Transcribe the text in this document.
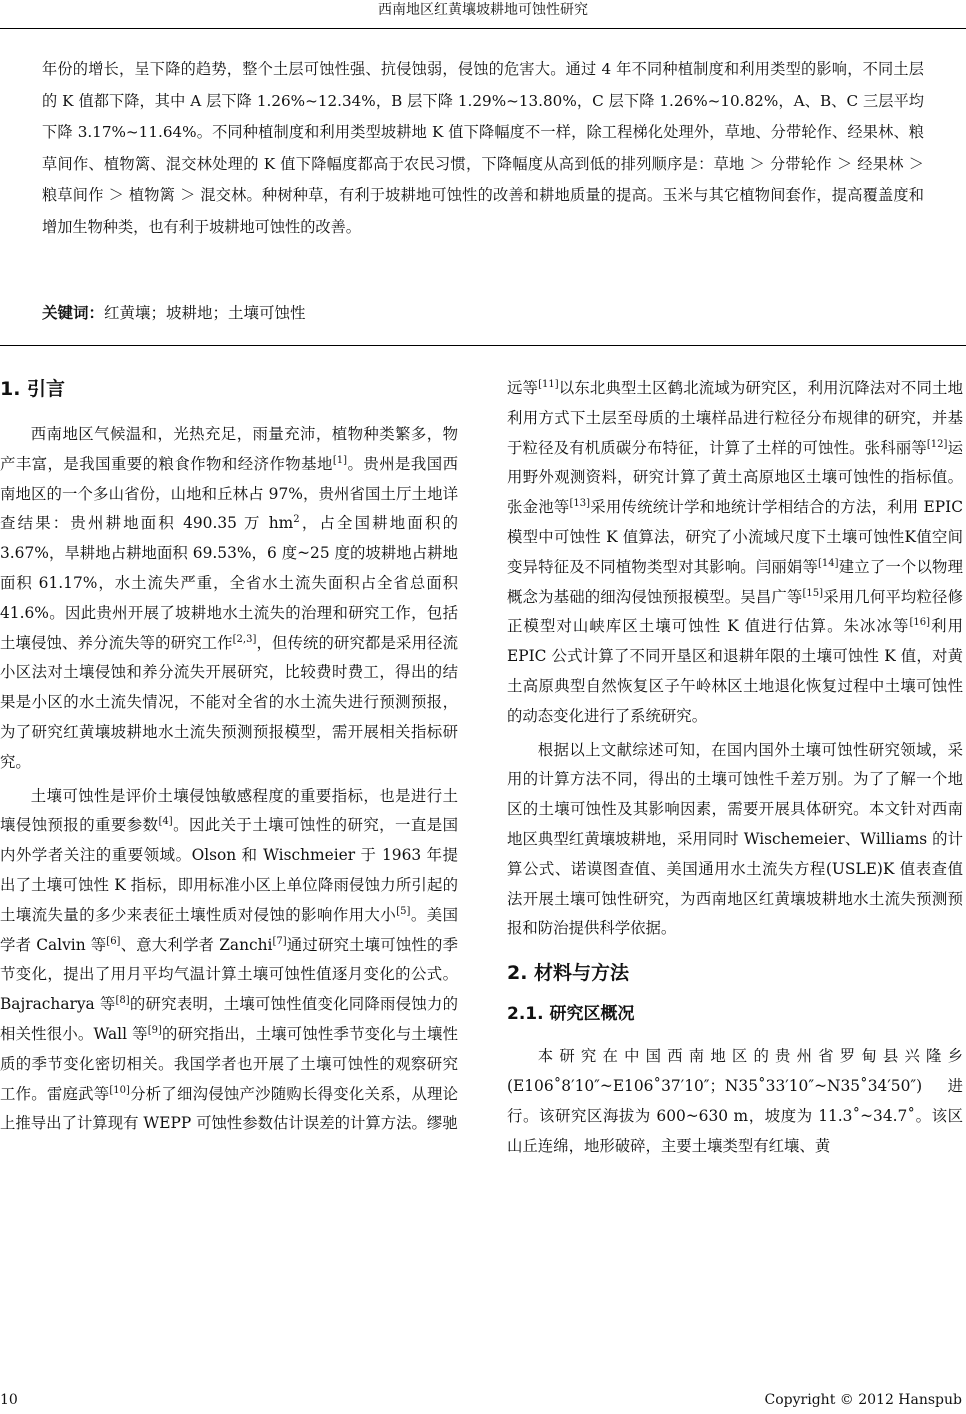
西南地区红黄壤坡耕地可蚀性研究

年份的增长，呈下降的趋势，整个土层可蚀性强、抗侵蚀弱，侵蚀的危害大。通过 4 年不同种植制度和利用类型的影响，不同土层的 K 值都下降，其中 A 层下降 1.26%~12.34%，B 层下降 1.29%~13.80%，C 层下降 1.26%~10.82%，A、B、C 三层平均下降 3.17%~11.64%。不同种植制度和利用类型坡耕地 K 值下降幅度不一样，除工程梯化处理外，草地、分带轮作、经果林、粮草间作、植物篱、混交林处理的 K 值下降幅度都高于农民习惯，下降幅度从高到低的排列顺序是：草地 ＞ 分带轮作 ＞ 经果林 ＞ 粮草间作 ＞ 植物篱 ＞ 混交林。种树种草，有利于坡耕地可蚀性的改善和耕地质量的提高。玉米与其它植物间套作，提高覆盖度和增加生物种类，也有利于坡耕地可蚀性的改善。

关键词：红黄壤；坡耕地；土壤可蚀性
1. 引言

西南地区气候温和，光热充足，雨量充沛，植物种类繁多，物产丰富，是我国重要的粮食作物和经济作物基地[1]。贵州是我国西南地区的一个多山省份，山地和丘林占 97%，贵州省国土厅土地详查结果：贵州耕地面积 490.35 万 $hm^2$，占全国耕地面积的 3.67%，旱耕地占耕地面积 69.53%，6 度~25 度的坡耕地占耕地面积 61.17%，水土流失严重，全省水土流失面积占全省总面积 41.6%。因此贵州开展了坡耕地水土流失的治理和研究工作，包括土壤侵蚀、养分流失等的研究工作[2,3]，但传统的研究都是采用径流小区法对土壤侵蚀和养分流失开展研究，比较费时费工，得出的结果是小区的水土流失情况，不能对全省的水土流失进行预测预报，为了研究红黄壤坡耕地水土流失预测预报模型，需开展相关指标研究。

土壤可蚀性是评价土壤侵蚀敏感程度的重要指标，也是进行土壤侵蚀预报的重要参数[4]。因此关于土壤可蚀性的研究，一直是国内外学者关注的重要领域。Olson 和 Wischmeier 于 1963 年提出了土壤可蚀性 K 指标，即用标准小区上单位降雨侵蚀力所引起的土壤流失量的多少来表征土壤性质对侵蚀的影响作用大小[5]。美国学者 Calvin 等[6]、意大利学者 Zanchi[7]通过研究土壤可蚀性的季节变化，提出了用月平均气温计算土壤可蚀性值逐月变化的公式。Bajracharya 等[8]的研究表明，土壤可蚀性值变化同降雨侵蚀力的相关性很小。Wall 等[9]的研究指出，土壤可蚀性季节变化与土壤性质的季节变化密切相关。我国学者也开展了土壤可蚀性的观察研究工作。雷庭武等[10]分析了细沟侵蚀产沙随购长得变化关系，从理论上推导出了计算现有 WEPP 可蚀性参数估计误差的计算方法。缪驰

远等[11]以东北典型土区鹤北流域为研究区，利用沉降法对不同土地利用方式下土层至母质的土壤样品进行粒径分布规律的研究，并基于粒径及有机质碳分布特征，计算了土样的可蚀性。张科丽等[12]运用野外观测资料，研究计算了黄土高原地区土壤可蚀性的指标值。张金池等[13]采用传统统计学和地统计学相结合的方法，利用 EPIC 模型中可蚀性 K 值算法，研究了小流域尺度下土壤可蚀性K值空间变异特征及不同植物类型对其影响。闫丽娟等[14]建立了一个以物理概念为基础的细沟侵蚀预报模型。吴昌广等[15]采用几何平均粒径修正模型对山峡库区土壤可蚀性 K 值进行估算。朱冰冰等[16]利用 EPIC 公式计算了不同开垦区和退耕年限的土壤可蚀性 K 值，对黄土高原典型自然恢复区子午岭林区土地退化恢复过程中土壤可蚀性的动态变化进行了系统研究。

根据以上文献综述可知，在国内国外土壤可蚀性研究领域，采用的计算方法不同，得出的土壤可蚀性千差万别。为了了解一个地区的土壤可蚀性及其影响因素，需要开展具体研究。本文针对西南地区典型红黄壤坡耕地，采用同时 Wischemeier、Williams 的计算公式、诺谟图查值、美国通用水土流失方程(USLE)K 值表查值法开展土壤可蚀性研究，为西南地区红黄壤坡耕地水土流失预测预报和防治提供科学依据。

2. 材料与方法
2.1. 研究区概况

本研究在中国西南地区的贵州省罗甸县兴隆乡(E106˚8′10″~E106˚37′10″；N35˚33′10″~N35˚34′50″)进行。该研究区海拔为 600~630 m，坡度为 11.3˚~34.7˚。该区山丘连绵，地形破碎，主要土壤类型有红壤、黄

10	Copyright © 2012 Hanspub
